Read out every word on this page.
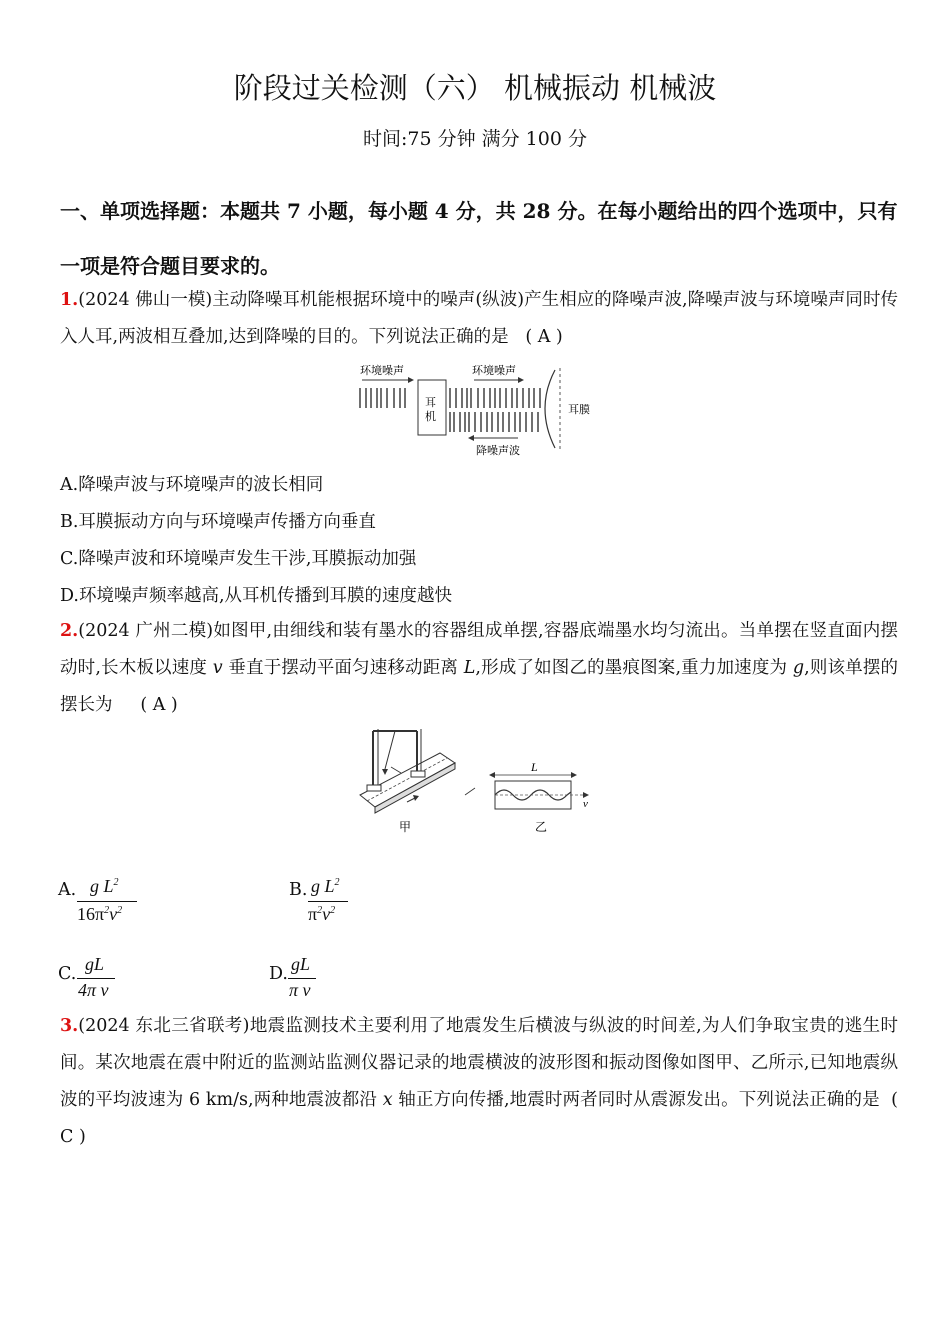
阶段过关检测（六） 机械振动 机械波
时间:75 分钟 满分 100 分
一、单项选择题：本题共 7 小题，每小题 4 分，共 28 分。在每小题给出的四个选项中，只有一项是符合题目要求的。
1.(2024 佛山一模)主动降噪耳机能根据环境中的噪声(纵波)产生相应的降噪声波,降噪声波与环境噪声同时传入人耳,两波相互叠加,达到降噪的目的。下列说法正确的是 ( A )
环境噪声
耳
机
环境噪声
耳膜
降噪声波
A.降噪声波与环境噪声的波长相同
B.耳膜振动方向与环境噪声传播方向垂直
C.降噪声波和环境噪声发生干涉,耳膜振动加强
D.环境噪声频率越高,从耳机传播到耳膜的速度越快
2.(2024 广州二模)如图甲,由细线和装有墨水的容器组成单摆,容器底端墨水均匀流出。当单摆在竖直面内摆动时,长木板以速度 v 垂直于摆动平面匀速移动距离 L,形成了如图乙的墨痕图案,重力加速度为 g,则该单摆的摆长为 ( A )
甲
L
v
乙
A. g $L^2$
$16\pi^2v^2$
B. g $L^2$
$\pi^2v^2$
C. gL
4π v
D. gL
π v
3.(2024 东北三省联考)地震监测技术主要利用了地震发生后横波与纵波的时间差,为人们争取宝贵的逃生时间。某次地震在震中附近的监测站监测仪器记录的地震横波的波形图和振动图像如图甲、乙所示,已知地震纵波的平均波速为 6 km/s,两种地震波都沿 x 轴正方向传播,地震时两者同时从震源发出。下列说法正确的是 ( C )
